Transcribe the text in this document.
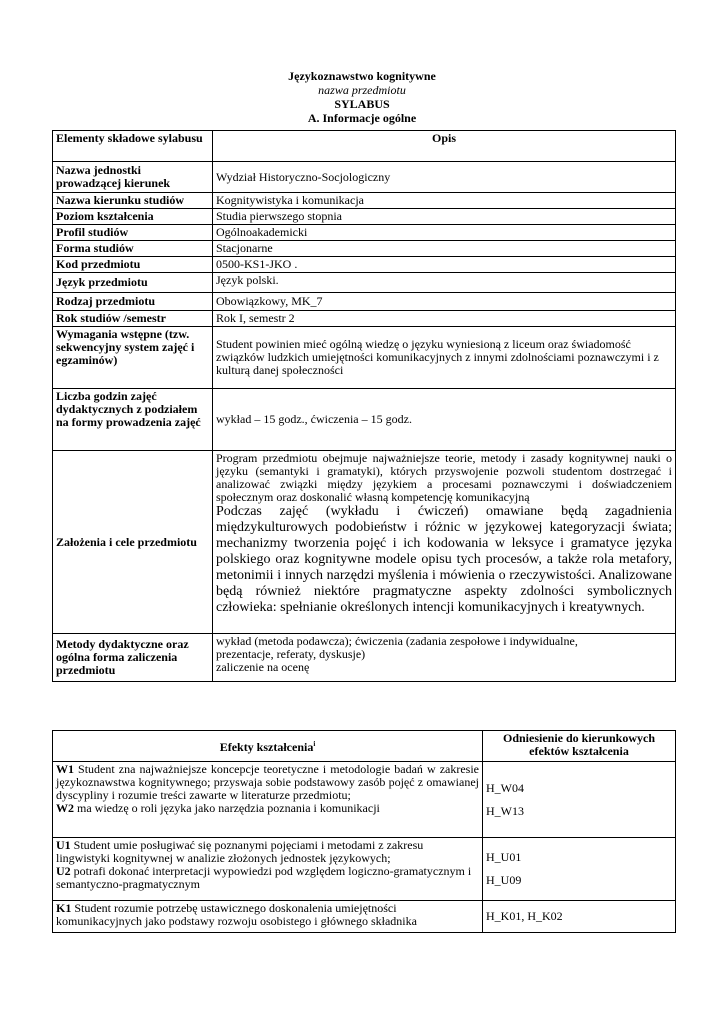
Językoznawstwo kognitywne
nazwa przedmiotu
SYLABUS
A. Informacje ogólne
Elementy składowe sylabusu	Opis
Nazwa jednostki prowadzącej kierunek	Wydział Historyczno-Socjologiczny
Nazwa kierunku studiów	Kognitywistyka i komunikacja
Poziom kształcenia	Studia pierwszego stopnia
Profil studiów	Ogólnoakademicki
Forma studiów	Stacjonarne
Kod przedmiotu	0500-KS1-JKO .
Język przedmiotu	Język polski.
Rodzaj przedmiotu	Obowiązkowy, MK_7
Rok studiów /semestr	Rok I, semestr 2
Wymagania wstępne (tzw. sekwencyjny system zajęć i egzaminów)	Student powinien mieć ogólną wiedzę o języku wyniesioną z liceum oraz świadomość związków ludzkich umiejętności komunikacyjnych z innymi zdolnościami poznawczymi i z kulturą danej społeczności
Liczba godzin zajęć dydaktycznych z podziałem na formy prowadzenia zajęć	wykład – 15 godz., ćwiczenia – 15 godz.
Założenia i cele przedmiotu	Program przedmiotu obejmuje najważniejsze teorie, metody i zasady kognitywnej nauki o języku (semantyki i gramatyki), których przyswojenie pozwoli studentom dostrzegać i analizować związki między językiem a procesami poznawczymi i doświadczeniem społecznym oraz doskonalić własną kompetencję komunikacyjną
Podczas zajęć (wykładu i ćwiczeń) omawiane będą zagadnienia międzykulturowych podobieństw i różnic w językowej kategoryzacji świata; mechanizmy tworzenia pojęć i ich kodowania w leksyce i gramatyce języka polskiego oraz kognitywne modele opisu tych procesów, a także rola metafory, metonimii i innych narzędzi myślenia i mówienia o rzeczywistości. Analizowane będą również niektóre pragmatyczne aspekty zdolności symbolicznych człowieka: spełnianie określonych intencji komunikacyjnych i kreatywnych.

Metody dydaktyczne oraz ogólna forma zaliczenia przedmiotu	wykład (metoda podawcza); ćwiczenia (zadania zespołowe i indywidualne,
prezentacje, referaty, dyskusje)
zaliczenie na ocenę
Efekty kształcenia$^i$	Odniesienie do kierunkowych efektów kształcenia

W1 Student zna najważniejsze koncepcje teoretyczne i metodologie badań w zakresie językoznawstwa kognitywnego; przyswaja sobie podstawowy zasób pojęć z omawianej dyscypliny i rozumie treści zawarte w literaturze przedmiotu;
W2 ma wiedzę o roli języka jako narzędzia poznania i komunikacji	H_W04
H_W13

U1 Student umie posługiwać się poznanymi pojęciami i metodami z zakresu lingwistyki kognitywnej w analizie złożonych jednostek językowych;
U2 potrafi dokonać interpretacji wypowiedzi pod względem logiczno-gramatycznym i semantyczno-pragmatycznym	H_U01
H_U09

K1 Student rozumie potrzebę ustawicznego doskonalenia umiejętności komunikacyjnych jako podstawy rozwoju osobistego i głównego składnika	H_K01, H_K02
